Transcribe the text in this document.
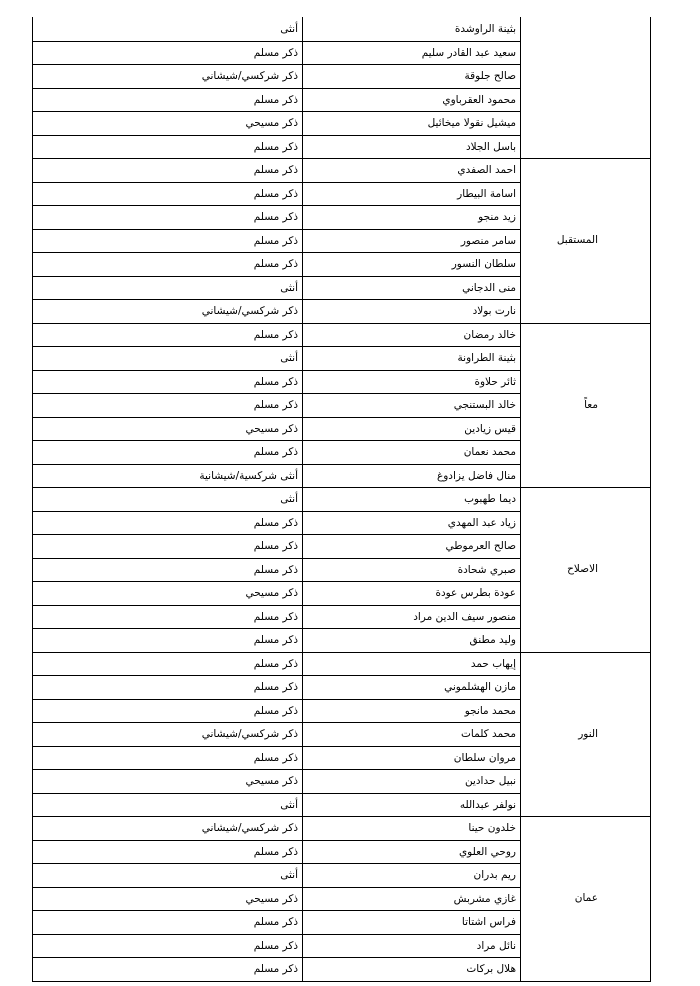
أنثى	بثينة الراوشدة
ذكر مسلم	سعيد عبد القادر سليم
ذكر شركسي/شيشاني	صالح جلوقة
ذكر مسلم	محمود العقرباوي
ذكر مسيحي	ميشيل نقولا ميخائيل
ذكر مسلم	باسل الجلاد
ذكر مسلم	احمد الصفدي
ذكر مسلم	اسامة البيطار
ذكر مسلم	زيد منجو
ذكر مسلم	سامر منصور
ذكر مسلم	سلطان النسور
أنثى	منى الدجاني
ذكر شركسي/شيشاني	نارت بولاد
المستقبل
ذكر مسلم	خالد رمضان
أنثى	بثينة الطراونة
ذكر مسلم	ثائر حلاوة
ذكر مسلم	خالد البستنجي
ذكر مسيحي	قيس زيادين
ذكر مسلم	محمد نعمان
أنثى شركسية/شيشانية	منال فاضل يزادوغ
معاً
أنثى	ديما طهبوب
ذكر مسلم	زياد عبد المهدي
ذكر مسلم	صالح العرموطي
ذكر مسلم	صبري شحادة
ذكر مسيحي	عودة بطرس عودة
ذكر مسلم	منصور سيف الدين مراد
ذكر مسلم	وليد مطنق
الاصلاح
ذكر مسلم	إيهاب حمد
ذكر مسلم	مازن الهشلموني
ذكر مسلم	محمد مانجو
ذكر شركسي/شيشاني	محمد كلمات
ذكر مسلم	مروان سلطان
ذكر مسيحي	نبيل حدادين
أنثى	نولفر عبدالله
النور
ذكر شركسي/شيشاني	خلدون حينا
ذكر مسلم	روحي العلوي
أنثى	ريم بدران
ذكر مسيحي	غازي مشربش
ذكر مسلم	فراس اشتاتا
ذكر مسلم	نائل مراد
ذكر مسلم	هلال بركات
عمان
